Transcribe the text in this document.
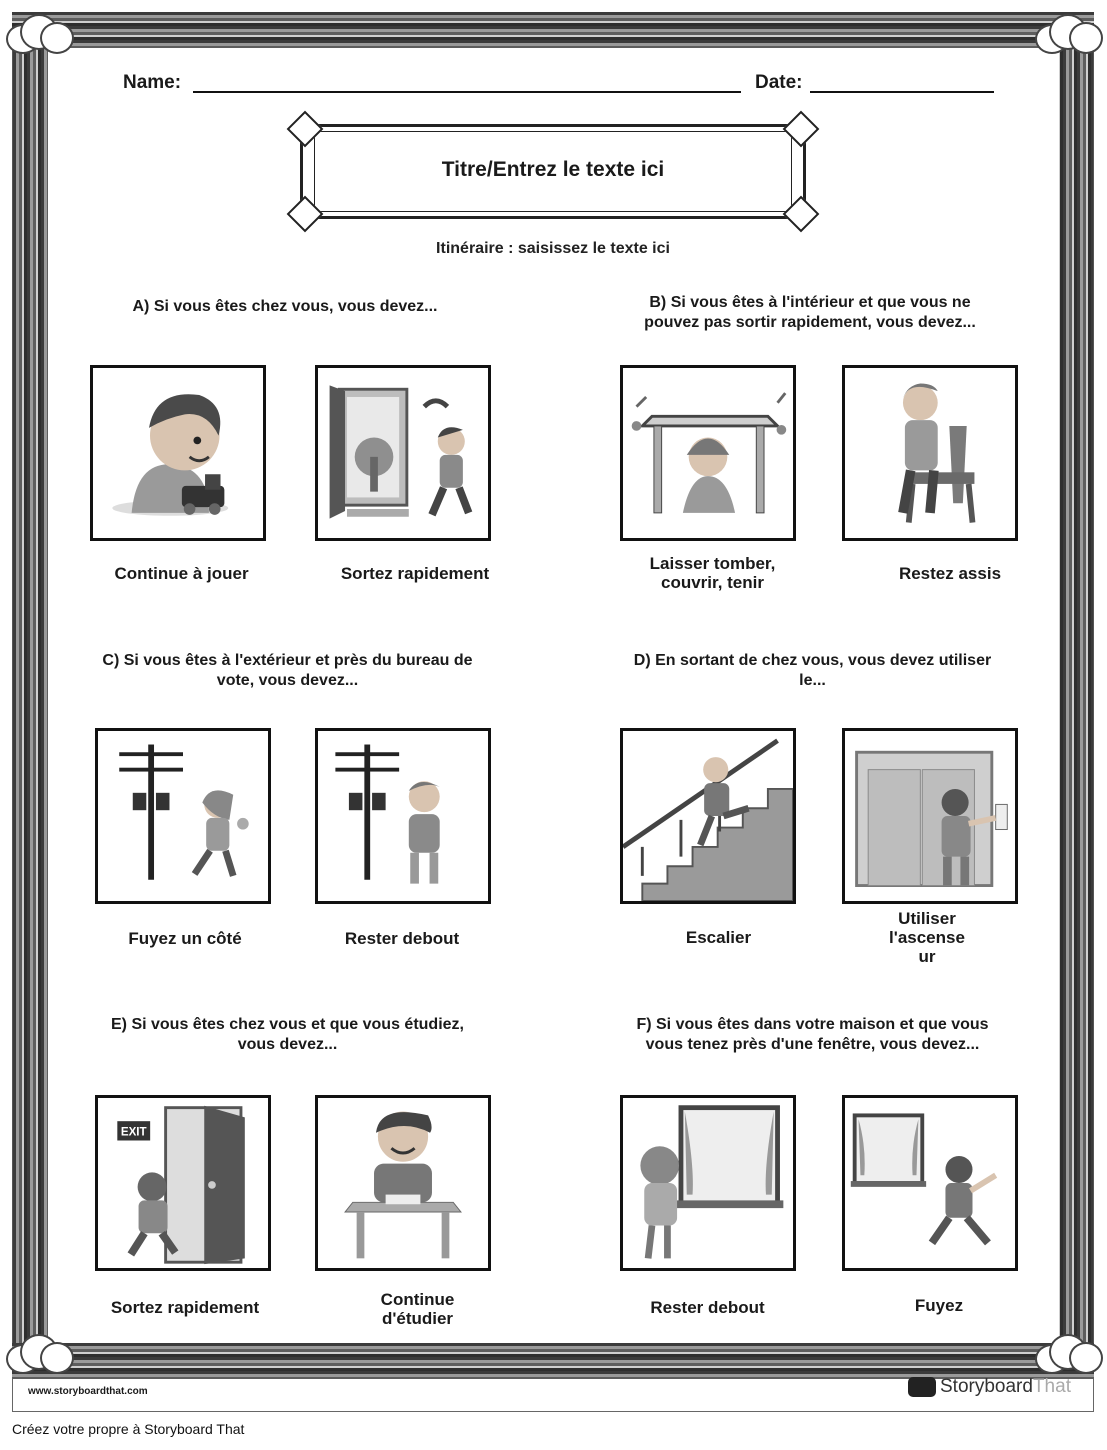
Name:	Date:
Titre/Entrez le texte ici
Itinéraire : saisissez le texte ici
A) Si vous êtes chez vous, vous devez...	B) Si vous êtes à l'intérieur et que vous ne pouvez pas sortir rapidement, vous devez...
C) Si vous êtes à l'extérieur et près du bureau de vote, vous devez...
D) En sortant de chez vous, vous devez utiliser le...
E) Si vous êtes chez vous et que vous étudiez, vous devez...
F) Si vous êtes dans votre maison et que vous vous tenez près d'une fenêtre, vous devez...
Continue à jouer	Sortez rapidement
Laisser tomber, couvrir, tenir	Restez assis
Escalier
Utiliser l'ascense ur
Fuyez un côté	Rester debout
EXIT
Sortez rapidement	Continue d'étudier
Rester debout	Fuyez
www.storyboardthat.com	Storyboard That
Créez votre propre à Storyboard That
